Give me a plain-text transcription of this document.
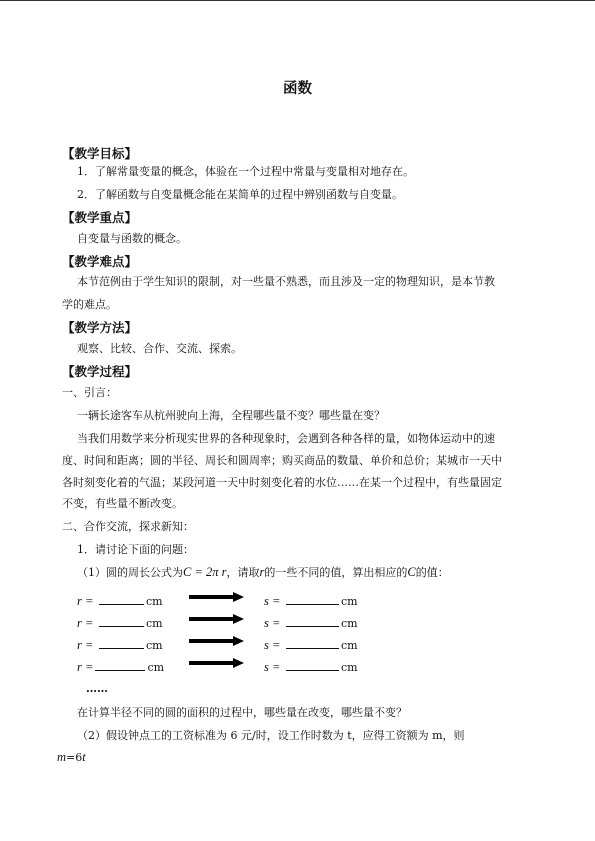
函数
【教学目标】
1．了解常量变量的概念，体验在一个过程中常量与变量相对地存在。
2．了解函数与自变量概念能在某简单的过程中辨别函数与自变量。
【教学重点】
自变量与函数的概念。
【教学难点】
本节范例由于学生知识的限制，对一些量不熟悉，而且涉及一定的物理知识，是本节教
学的难点。
【教学方法】
观察、比较、合作、交流、探索。
【教学过程】
一、引言：
一辆长途客车从杭州驶向上海，全程哪些量不变？哪些量在变？
当我们用数学来分析现实世界的各种现象时，会遇到各种各样的量，如物体运动中的速
度、时间和距离；圆的半径、周长和圆周率；购买商品的数量、单价和总价；某城市一天中
各时刻变化着的气温；某段河道一天中时刻变化着的水位……在某一个过程中，有些量固定
不变，有些量不断改变。
二、合作交流，探求新知：
1．请讨论下面的问题：
（1）圆的周长公式为C = 2π r，请取r的一些不同的值，算出相应的C的值：
r =	cm	s =	cm
r =	cm	s =	cm
r =	cm	s =	cm
r =	cm	s =	cm
……
在计算半径不同的圆的面积的过程中，哪些量在改变，哪些量不变？
（2）假设钟点工的工资标准为 6 元/时，设工作时数为 t，应得工资额为 m，则
m=6t
